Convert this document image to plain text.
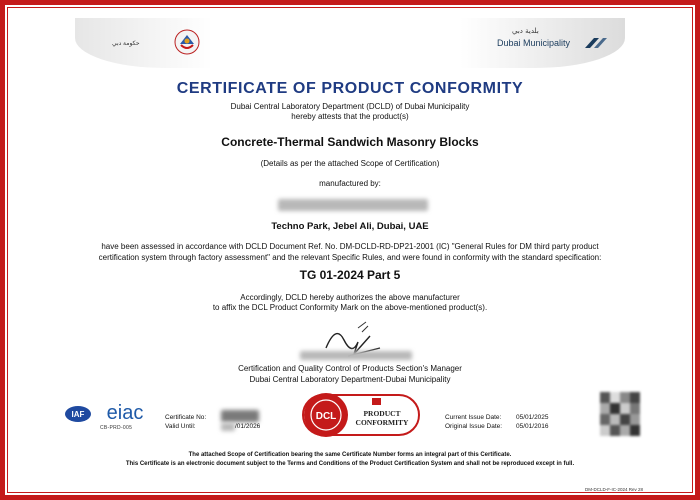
حكومة دبي
بلدية دبي
Dubai Municipality
CERTIFICATE OF PRODUCT CONFORMITY
Dubai Central Laboratory Department (DCLD) of Dubai Municipality
hereby attests that the product(s)
Concrete-Thermal Sandwich Masonry Blocks
(Details as per the attached Scope of Certification)
manufactured by:
Techno Park, Jebel Ali, Dubai, UAE
have been assessed in accordance with DCLD Document Ref. No. DM-DCLD-RD-DP21-2001 (IC) "General Rules for DM third party product
certification system through factory assessment" and the relevant Specific Rules, and were found in conformity with the standard specification:
TG 01-2024 Part 5
Accordingly, DCLD hereby authorizes the above manufacturer
to affix the DCL Product Conformity Mark on the above-mentioned product(s).
Certification and Quality Control of Products Section's Manager
Dubai Central Laboratory Department-Dubai Municipality
IAF eiac
CB-PRD-005
Certificate No:
Valid Until:	/01/2026
DCL	PRODUCT
CONFORMITY
Current Issue Date: 05/01/2025
Original Issue Date: 05/01/2016
The attached Scope of Certification bearing the same Certificate Number forms an integral part of this Certificate.
This Certificate is an electronic document subject to the Terms and Conditions of the Product Certification System and shall not be reproduced except in full.
DM-DCLD-F-IC-2024 Rev 28
